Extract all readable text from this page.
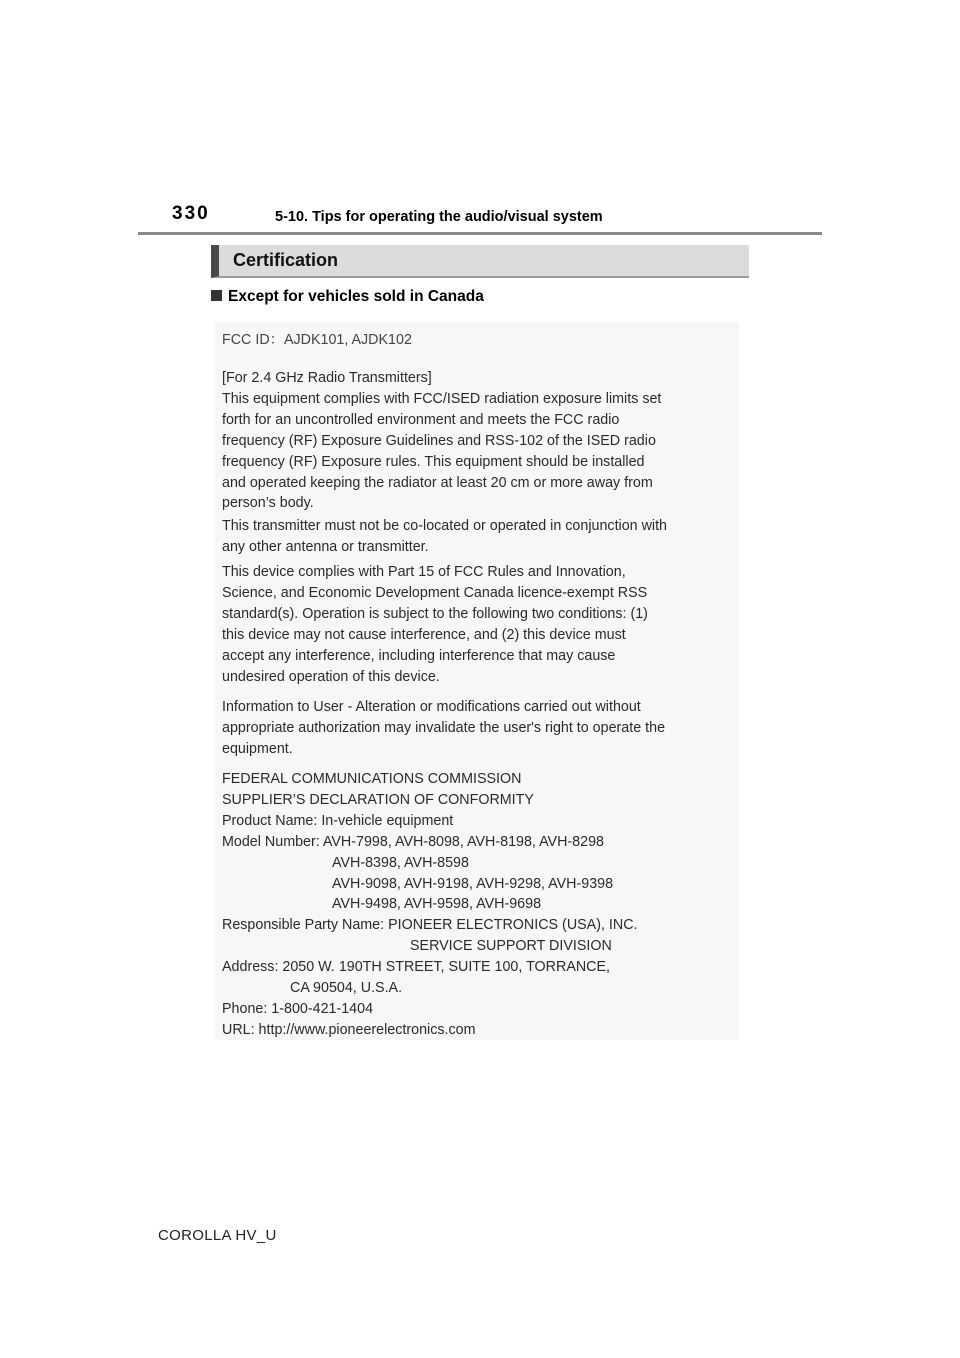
330	5-10. Tips for operating the audio/visual system
Certification
Except for vehicles sold in Canada

FCC ID：AJDK101, AJDK102

[For 2.4 GHz Radio Transmitters]
This equipment complies with FCC/ISED radiation exposure limits set
forth for an uncontrolled environment and meets the FCC radio
frequency (RF) Exposure Guidelines and RSS-102 of the ISED radio
frequency (RF) Exposure rules. This equipment should be installed
and operated keeping the radiator at least 20 cm or more away from
person’s body.

This transmitter must not be co-located or operated in conjunction with
any other antenna or transmitter.

This device complies with Part 15 of FCC Rules and Innovation,
Science, and Economic Development Canada licence-exempt RSS
standard(s). Operation is subject to the following two conditions: (1)
this device may not cause interference, and (2) this device must
accept any interference, including interference that may cause
undesired operation of this device.

Information to User - Alteration or modifications carried out without
appropriate authorization may invalidate the user's right to operate the
equipment.

FEDERAL COMMUNICATIONS COMMISSION
SUPPLIER’S DECLARATION OF CONFORMITY
Product Name: In-vehicle equipment
Model Number: AVH-7998, AVH-8098, AVH-8198, AVH-8298
AVH-8398, AVH-8598
AVH-9098, AVH-9198, AVH-9298, AVH-9398
AVH-9498, AVH-9598, AVH-9698
Responsible Party Name: PIONEER ELECTRONICS (USA), INC.
SERVICE SUPPORT DIVISION
Address: 2050 W. 190TH STREET, SUITE 100, TORRANCE,
CA 90504, U.S.A.
Phone: 1-800-421-1404
URL: http://www.pioneerelectronics.com

COROLLA HV_U
